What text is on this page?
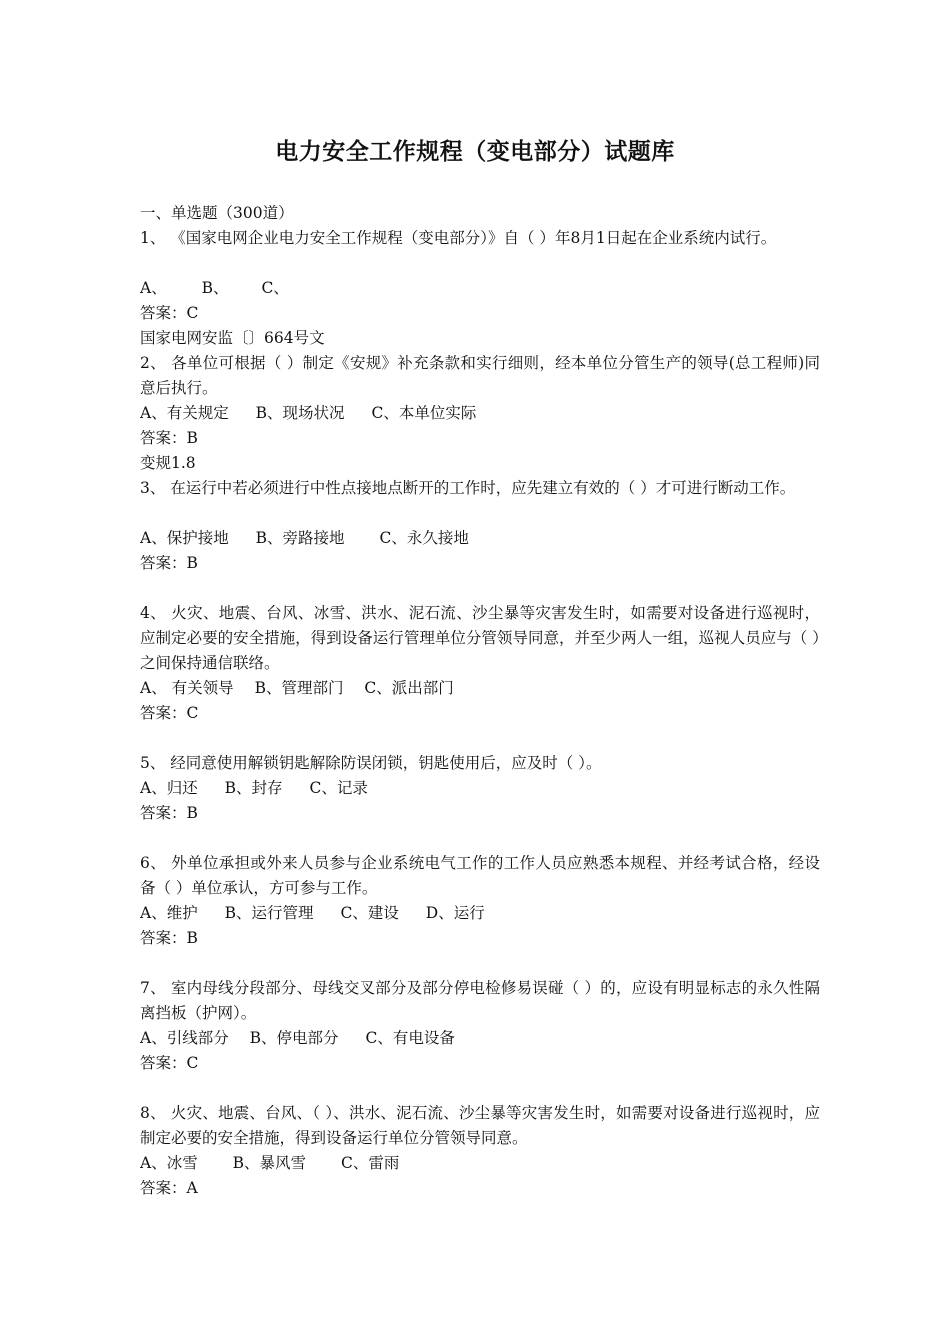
电力安全工作规程（变电部分）试题库
一、单选题（300道）
1、 《国家电网企业电力安全工作规程（变电部分）》自（ ）年8月1日起在企业系统内试行。
A、 B、 C、
答案：C
国家电网安监〔〕664号文
2、 各单位可根据（ ）制定《安规》补充条款和实行细则，经本单位分管生产的领导(总工程师)同意后执行。
A、有关规定 B、现场状况 C、本单位实际
答案：B
变规1.8
3、 在运行中若必须进行中性点接地点断开的工作时，应先建立有效的（ ）才可进行断动工作。
A、保护接地 B、旁路接地 C、永久接地
答案：B
4、 火灾、地震、台风、冰雪、洪水、泥石流、沙尘暴等灾害发生时，如需要对设备进行巡视时，应制定必要的安全措施，得到设备运行管理单位分管领导同意，并至少两人一组，巡视人员应与（ ）之间保持通信联络。
A、 有关领导 B、管理部门 C、派出部门
答案：C
5、 经同意使用解锁钥匙解除防误闭锁，钥匙使用后，应及时（ ）。
A、归还 B、封存 C、记录
答案：B
6、 外单位承担或外来人员参与企业系统电气工作的工作人员应熟悉本规程、并经考试合格，经设备（ ）单位承认，方可参与工作。
A、维护 B、运行管理 C、建设 D、运行
答案：B
7、 室内母线分段部分、母线交叉部分及部分停电检修易误碰（ ）的，应设有明显标志的永久性隔离挡板（护网）。
A、引线部分 B、停电部分 C、有电设备
答案：C
8、 火灾、地震、台风、（ ）、洪水、泥石流、沙尘暴等灾害发生时，如需要对设备进行巡视时，应制定必要的安全措施，得到设备运行单位分管领导同意。
A、冰雪 B、暴风雪 C、雷雨
答案：A
